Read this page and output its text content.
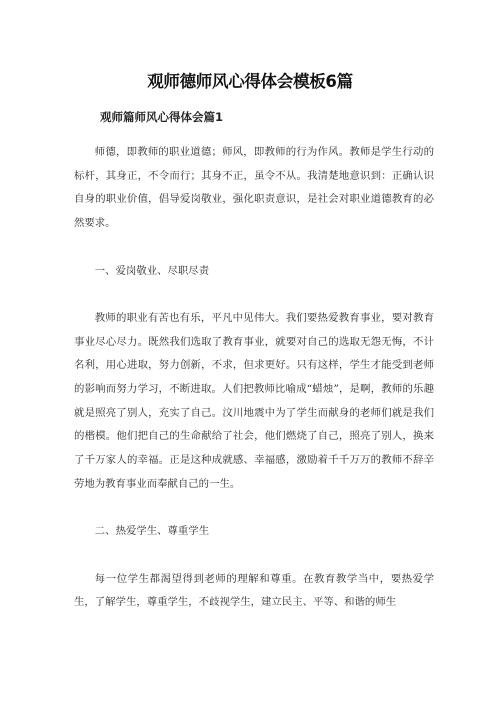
观师德师风心得体会模板6篇
观师篇师风心得体会篇1

师德，即教师的职业道德；师风，即教师的行为作风。教师是学生行动的标杆，其身正，不令而行；其身不正，虽令不从。我清楚地意识到：正确认识自身的职业价值，倡导爱岗敬业，强化职责意识，是社会对职业道德教育的必然要求。

一、爱岗敬业、尽职尽责

教师的职业有苦也有乐，平凡中见伟大。我们要热爱教育事业，要对教育事业尽心尽力。既然我们选取了教育事业，就要对自己的选取无怨无悔，不计名利，用心进取，努力创新，不求，但求更好。只有这样，学生才能受到老师的影响而努力学习，不断进取。人们把教师比喻成“蜡烛”，是啊，教师的乐趣就是照亮了别人，充实了自己。汶川地震中为了学生而献身的老师们就是我们的楷模。他们把自己的生命献给了社会，他们燃烧了自己，照亮了别人，换来了千万家人的幸福。正是这种成就感、幸福感，激励着千千万万的教师不辞辛劳地为教育事业而奉献自己的一生。

二、热爱学生、尊重学生

每一位学生都渴望得到老师的理解和尊重。在教育教学当中，要热爱学生，了解学生，尊重学生，不歧视学生，建立民主、平等、和谐的师生
